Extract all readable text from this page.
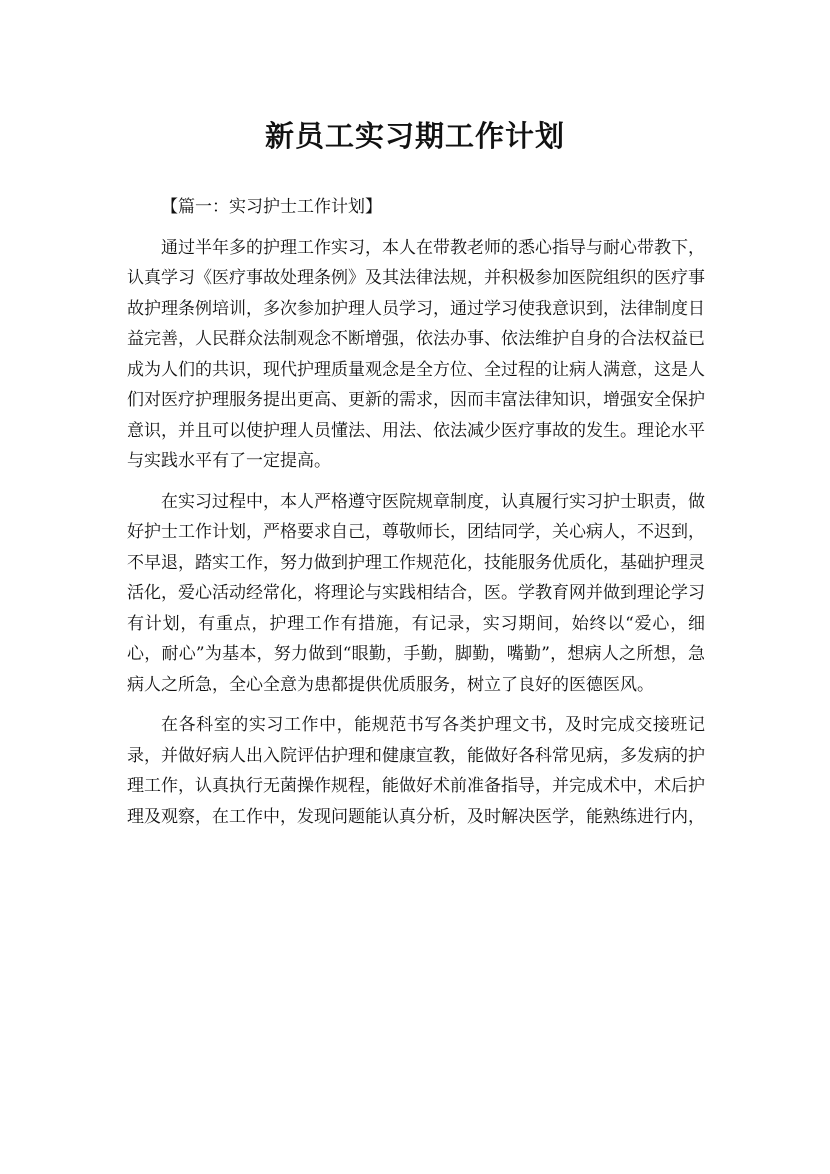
新员工实习期工作计划

【篇一：实习护士工作计划】

通过半年多的护理工作实习，本人在带教老师的悉心指导与耐心带教下，认真学习《医疗事故处理条例》及其法律法规，并积极参加医院组织的医疗事故护理条例培训，多次参加护理人员学习，通过学习使我意识到，法律制度日益完善，人民群众法制观念不断增强，依法办事、依法维护自身的合法权益已成为人们的共识，现代护理质量观念是全方位、全过程的让病人满意，这是人们对医疗护理服务提出更高、更新的需求，因而丰富法律知识，增强安全保护意识，并且可以使护理人员懂法、用法、依法减少医疗事故的发生。理论水平与实践水平有了一定提高。

在实习过程中，本人严格遵守医院规章制度，认真履行实习护士职责，做好护士工作计划，严格要求自己，尊敬师长，团结同学，关心病人，不迟到，不早退，踏实工作，努力做到护理工作规范化，技能服务优质化，基础护理灵活化，爱心活动经常化，将理论与实践相结合，医。学教育网并做到理论学习有计划，有重点，护理工作有措施，有记录，实习期间，始终以“爱心，细心，耐心”为基本，努力做到“眼勤，手勤，脚勤，嘴勤”，想病人之所想，急病人之所急，全心全意为患都提供优质服务，树立了良好的医德医风。

在各科室的实习工作中，能规范书写各类护理文书，及时完成交接班记录，并做好病人出入院评估护理和健康宣教，能做好各科常见病，多发病的护理工作，认真执行无菌操作规程，能做好术前准备指导，并完成术中，术后护理及观察，在工作中，发现问题能认真分析，及时解决医学，能熟练进行内，
